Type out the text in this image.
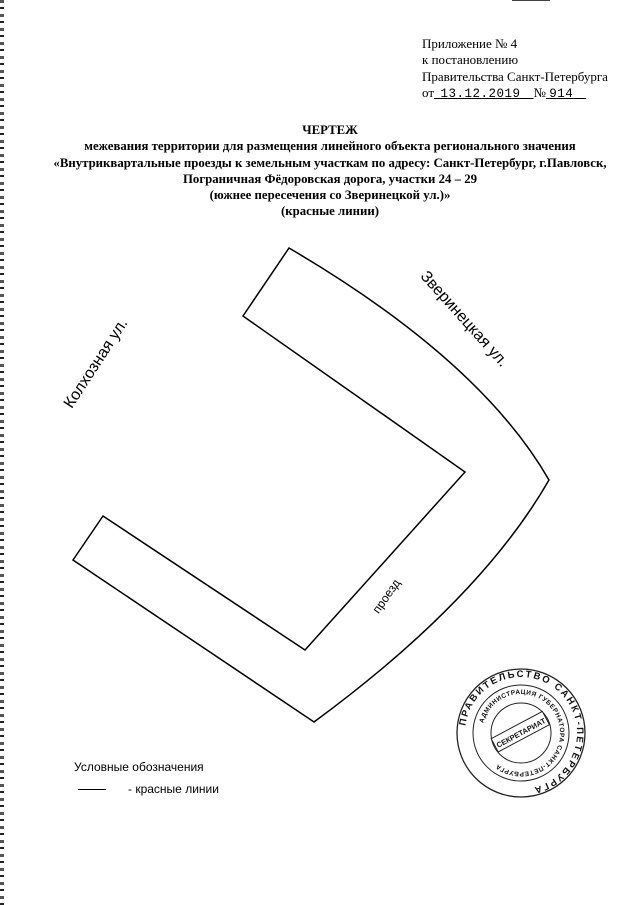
Приложение № 4
к постановлению
Правительства Санкт-Петербурга
от 13.12.2019 № 914
ЧЕРТЕЖ
межевания территории для размещения линейного объекта регионального значения
«Внутриквартальные проезды к земельным участкам по адресу: Санкт-Петербург, г.Павловск,
Пограничная Фёдоровская дорога, участки 24 – 29
(южнее пересечения со Зверинецкой ул.)»
(красные линии)
ПРАВИТЕЛЬСТВО САНКТ-ПЕТЕРБУРГА
АДМИНИСТРАЦИЯ ГУБЕРНАТОРА САНКТ-ПЕТЕРБУРГА
СЕКРЕТАРИАТ
Колхозная ул.	Зверинецкая ул.
проезд
Условные обозначения
- красные линии
